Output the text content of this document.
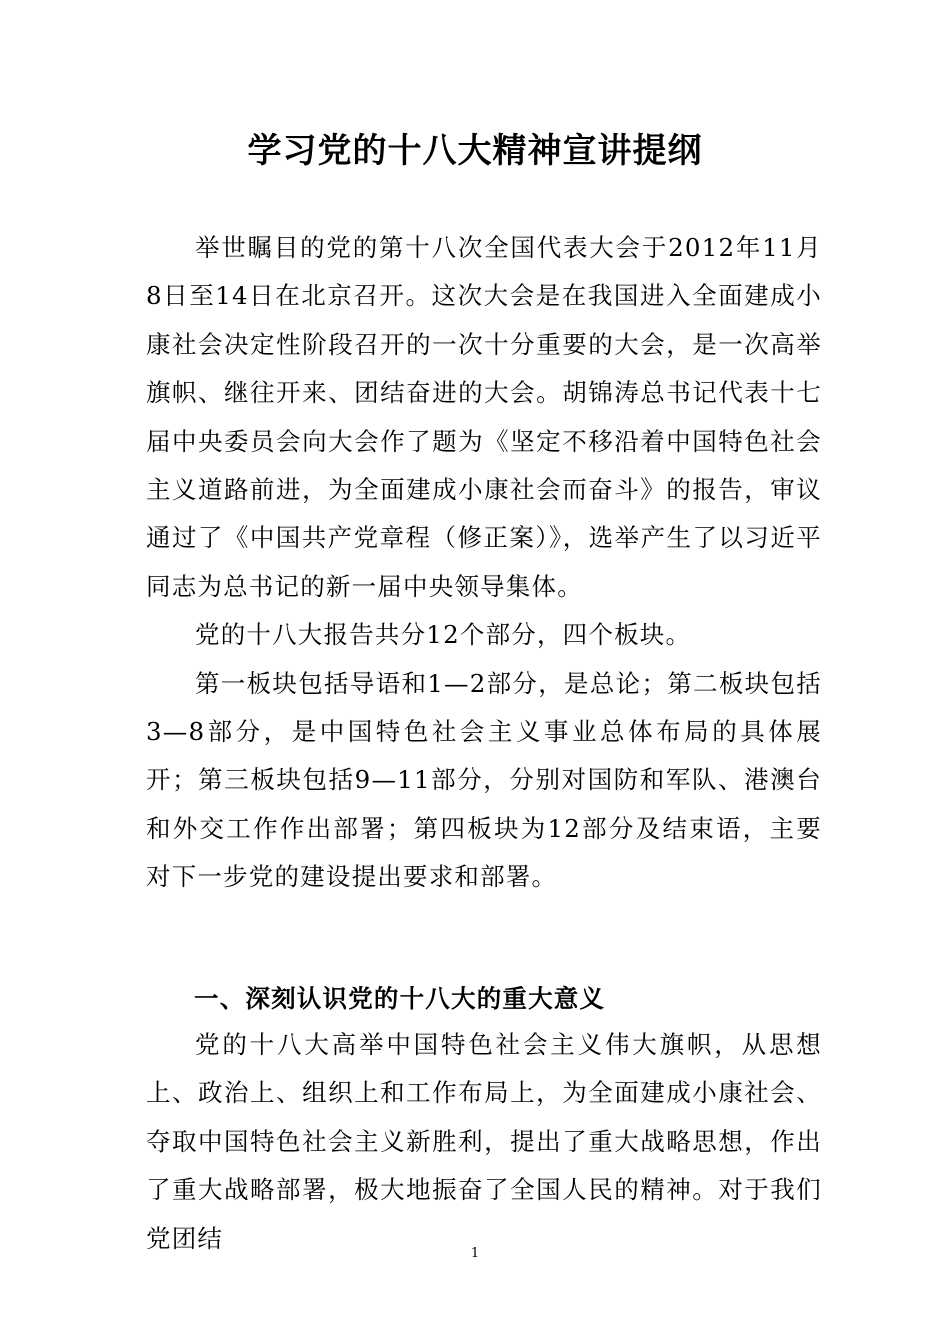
学习党的十八大精神宣讲提纲

举世瞩目的党的第十八次全国代表大会于2012年11月8日至14日在北京召开。这次大会是在我国进入全面建成小康社会决定性阶段召开的一次十分重要的大会，是一次高举旗帜、继往开来、团结奋进的大会。胡锦涛总书记代表十七届中央委员会向大会作了题为《坚定不移沿着中国特色社会主义道路前进，为全面建成小康社会而奋斗》的报告，审议通过了《中国共产党章程（修正案）》，选举产生了以习近平同志为总书记的新一届中央领导集体。

党的十八大报告共分12个部分，四个板块。

第一板块包括导语和1—2部分，是总论；第二板块包括3—8部分，是中国特色社会主义事业总体布局的具体展开；第三板块包括9—11部分，分别对国防和军队、港澳台和外交工作作出部署；第四板块为12部分及结束语，主要对下一步党的建设提出要求和部署。

一、深刻认识党的十八大的重大意义

党的十八大高举中国特色社会主义伟大旗帜，从思想上、政治上、组织上和工作布局上，为全面建成小康社会、夺取中国特色社会主义新胜利，提出了重大战略思想，作出了重大战略部署，极大地振奋了全国人民的精神。对于我们党团结

1
